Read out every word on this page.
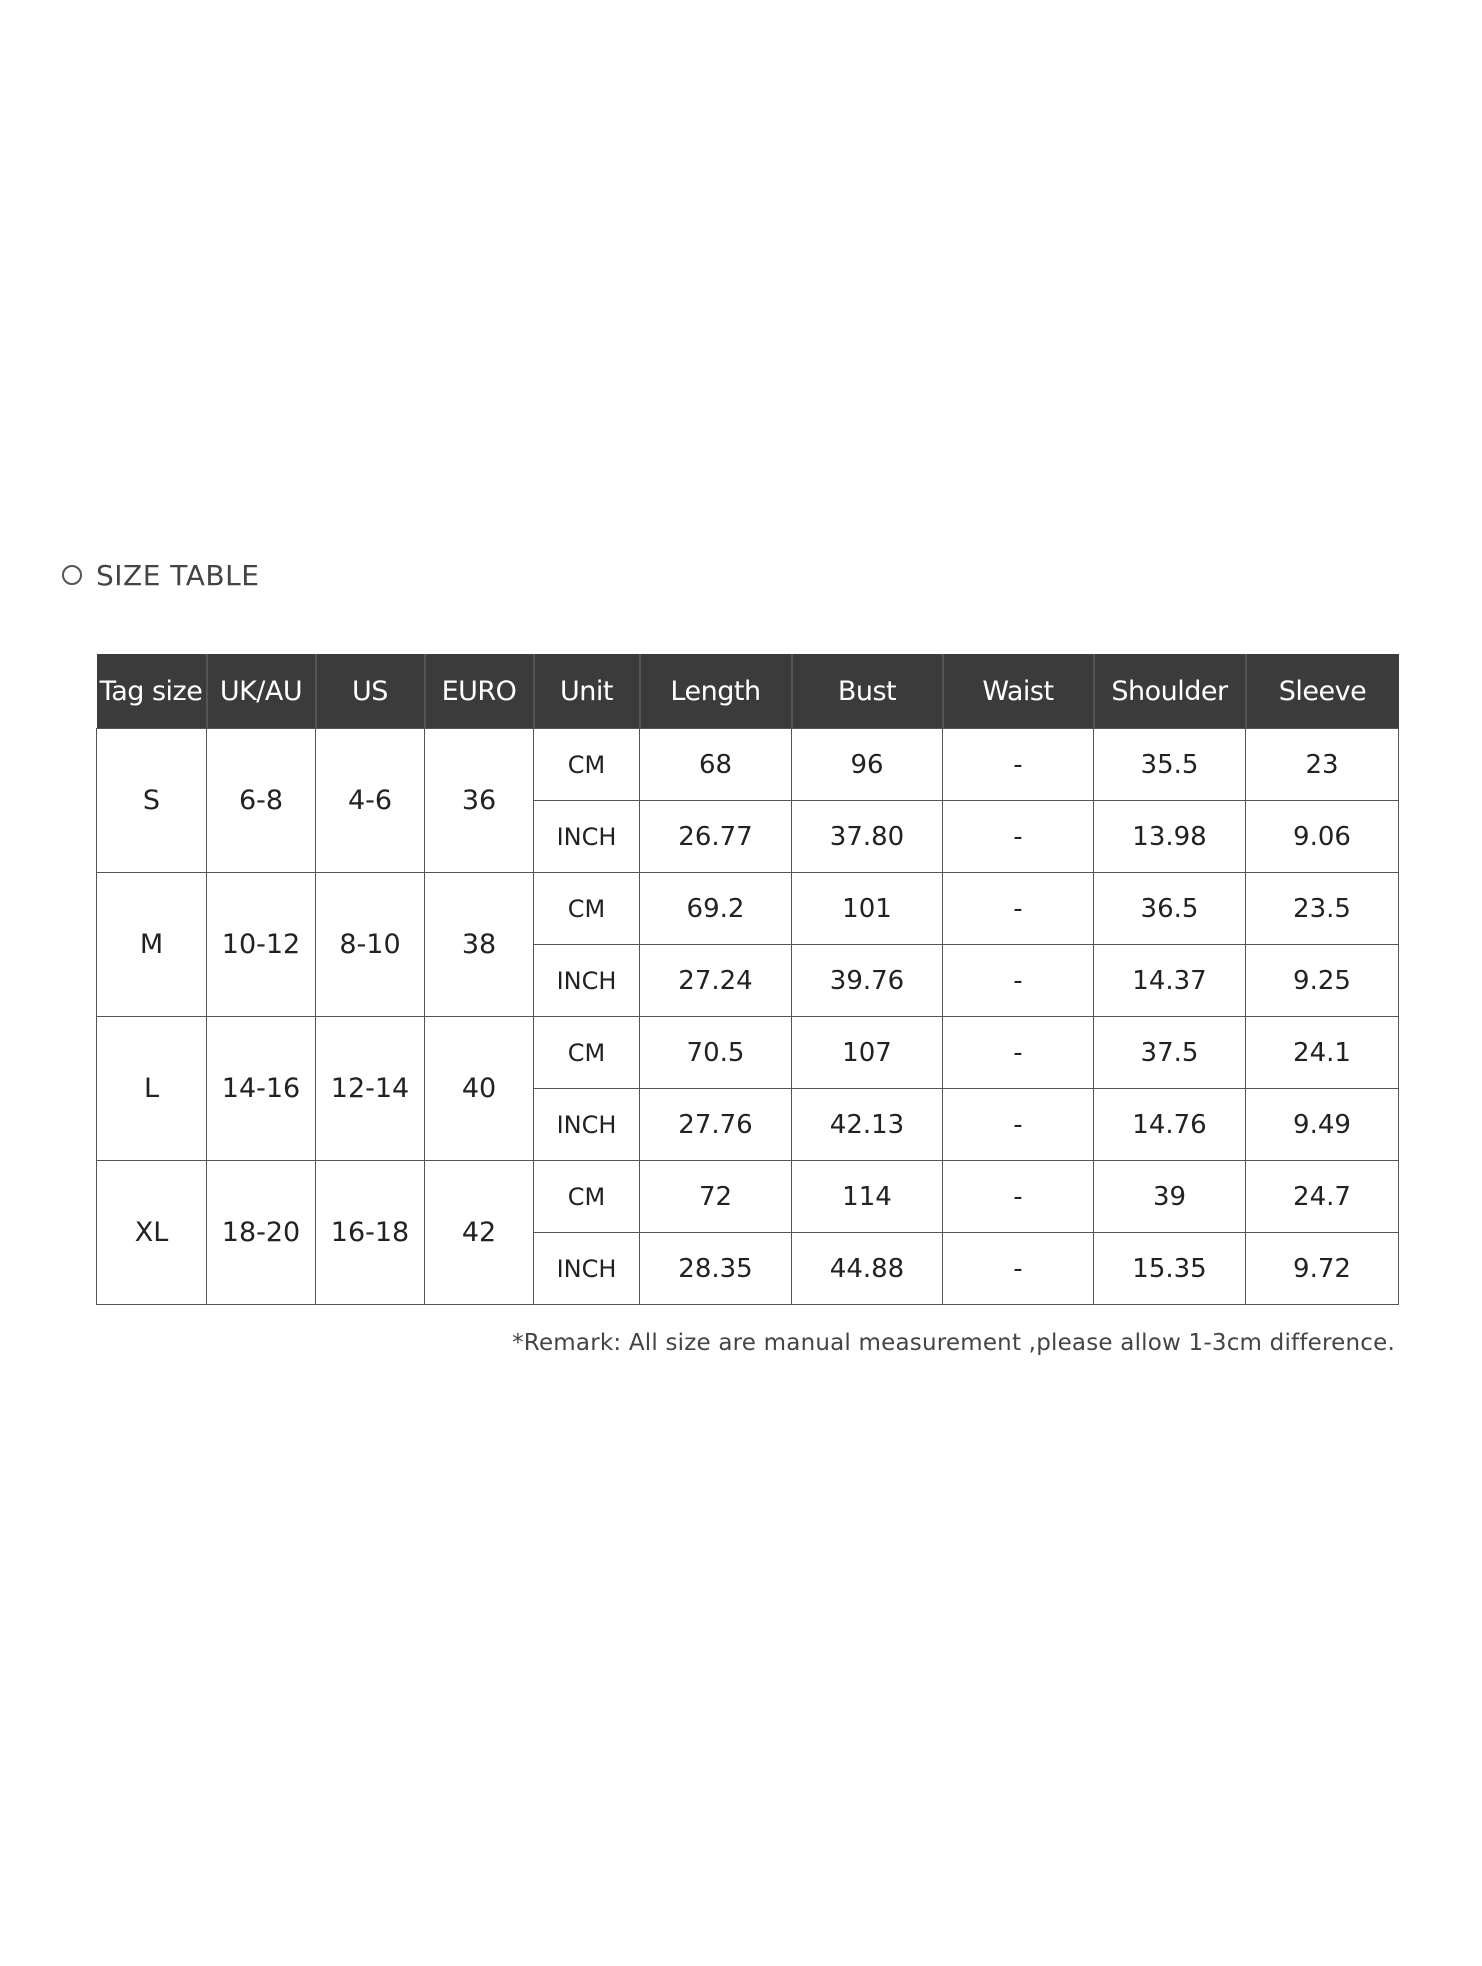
SIZE TABLE
Tag size	UK/AU	US	EURO	Unit	Length	Bust	Waist	Shoulder	Sleeve
S	6-8	4-6	36	CM	68	96	-	35.5	23
				INCH	26.77	37.80	-	13.98	9.06
M	10-12	8-10	38	CM	69.2	101	-	36.5	23.5
				INCH	27.24	39.76	-	14.37	9.25
L	14-16	12-14	40	CM	70.5	107	-	37.5	24.1
				INCH	27.76	42.13	-	14.76	9.49
XL	18-20	16-18	42	CM	72	114	-	39	24.7
				INCH	28.35	44.88	-	15.35	9.72
*Remark: All size are manual measurement ,please allow 1-3cm difference.
